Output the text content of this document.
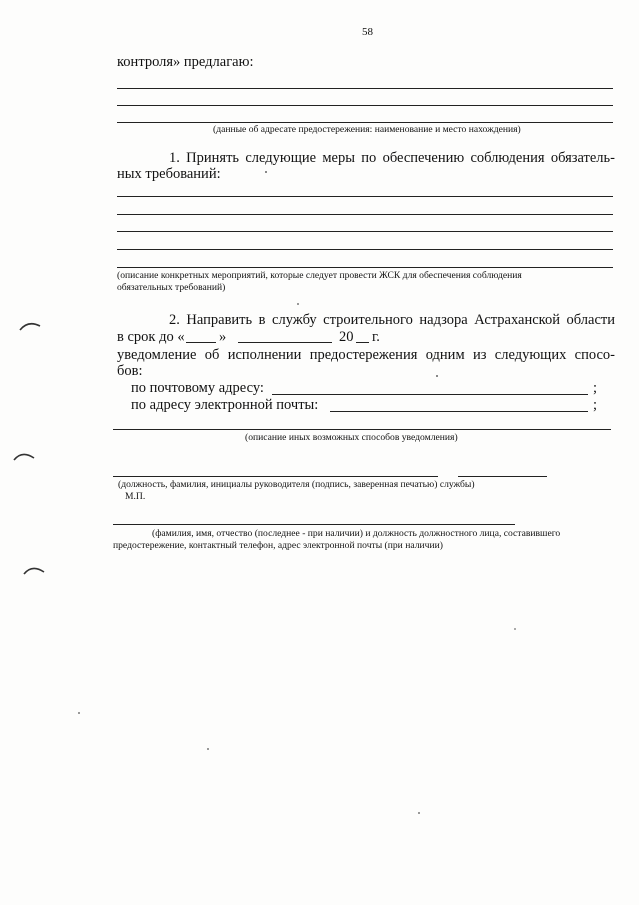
58
контроля» предлагаю:
(данные об адресате предостережения: наименование и место нахождения)
1. Принять следующие меры по обеспечению соблюдения обязатель-
ных требований:
(описание конкретных мероприятий, которые следует провести ЖСК для обеспечения соблюдения
обязательных требований)
2. Направить в службу строительного надзора Астраханской области
в срок до « »	20 г.
уведомление об исполнении предостережения одним из следующих спосо-
бов:
по почтовому адресу:	;
по адресу электронной почты:	;
(описание иных возможных способов уведомления)
(должность, фамилия, инициалы руководителя (подпись, заверенная печатью) службы)
М.П.
(фамилия, имя, отчество (последнее - при наличии) и должность должностного лица, составившего
предостережение, контактный телефон, адрес электронной почты (при наличии)
